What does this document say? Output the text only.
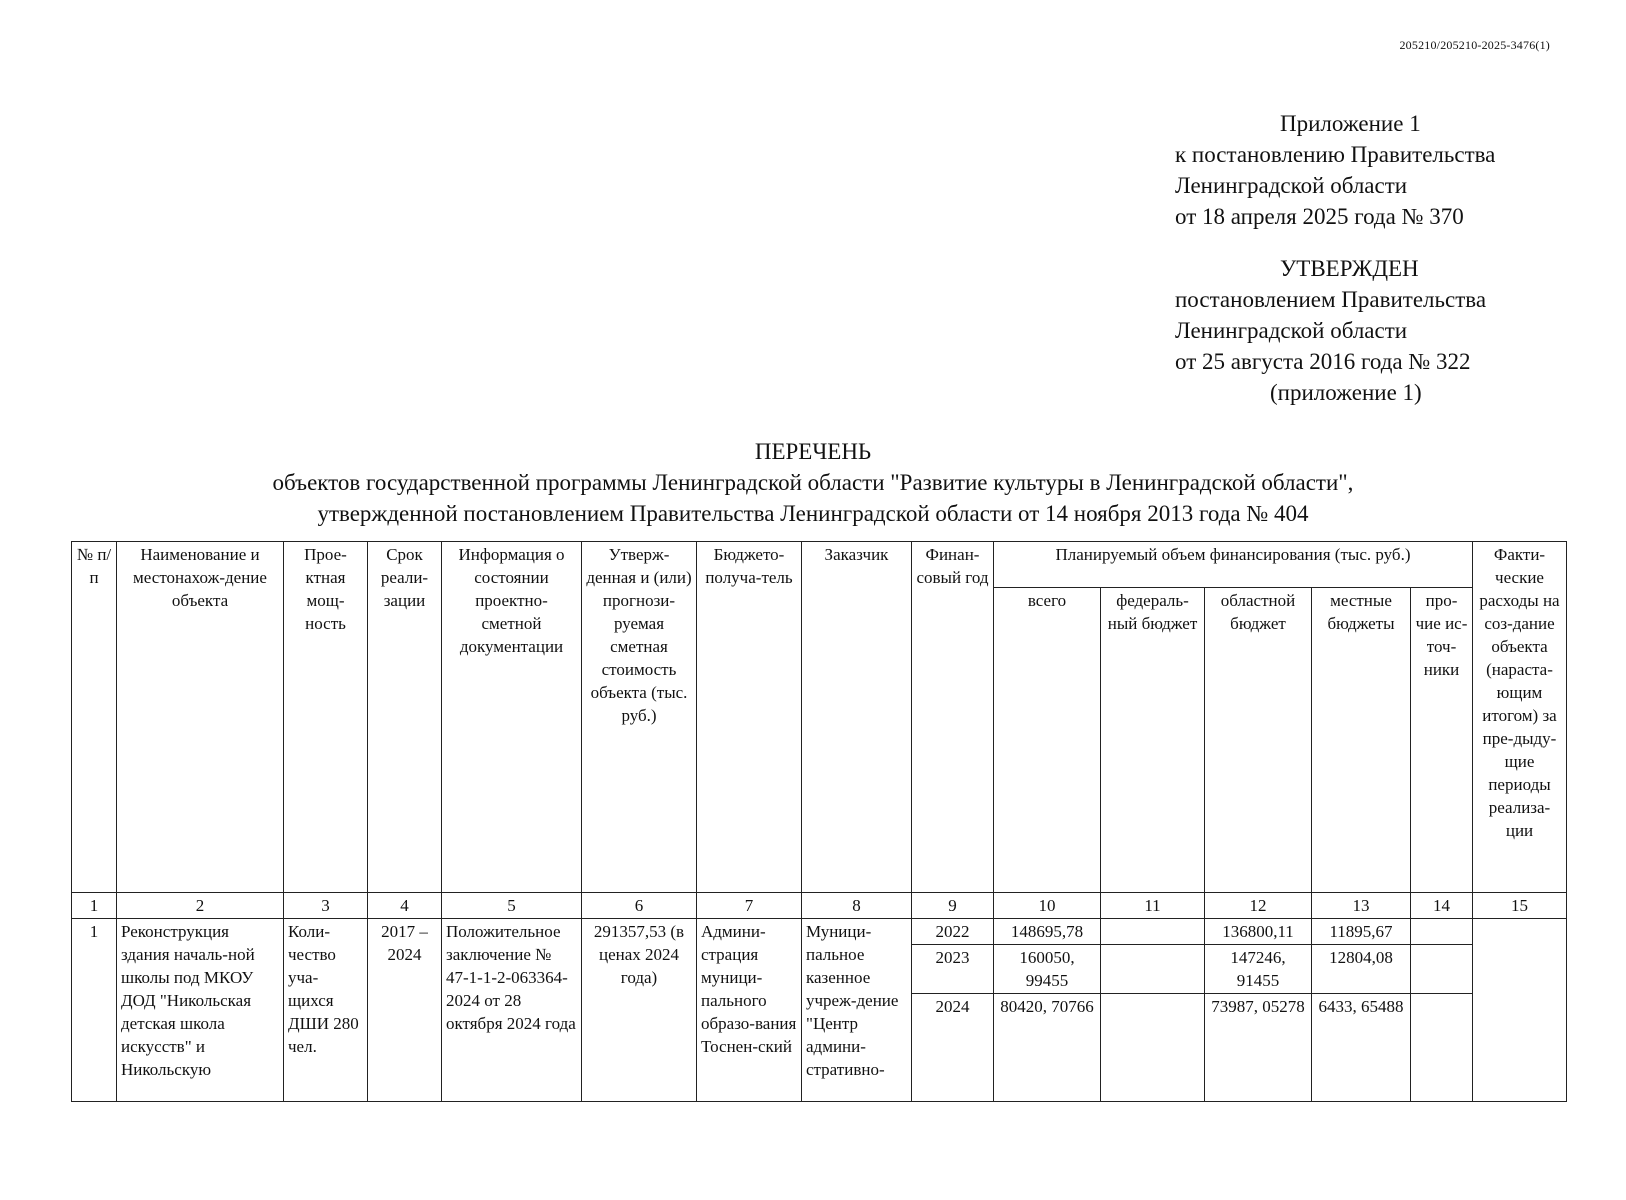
205210/205210-2025-3476(1)
Приложение 1
к постановлению Правительства
Ленинградской области
от 18 апреля 2025 года № 370
УТВЕРЖДЕН
постановлением Правительства
Ленинградской области
от 25 августа 2016 года № 322
(приложение 1)
ПЕРЕЧЕНЬ
объектов государственной программы Ленинградской области "Развитие культуры в Ленинградской области",
утвержденной постановлением Правительства Ленинградской области от 14 ноября 2013 года № 404
№ п/п	Наименование и местонахож-дение объекта	Прое-ктная мощ-ность	Срок реали-зации	Информация о состоянии проектно-сметной документации	Утверж-денная и (или) прогнози-руемая сметная стоимость объекта (тыс. руб.)	Бюджето-получа-тель	Заказчик	Финан-совый год	Планируемый объем финансирования (тыс. руб.)					Факти-ческие расходы на соз-дание объекта (нараста-ющим итогом) за пре-дыду-щие периоды реализа-ции
									всего	федераль-ный бюджет	областной бюджет	местные бюджеты	про-чие ис-точ-ники	
1	2	3	4	5	6	7	8	9	10	11	12	13	14	15
1	Реконструкция здания началь-ной школы под МКОУ ДОД "Никольская детская школа искусств" и Никольскую	Коли-чество уча-щихся ДШИ 280 чел.	2017 – 2024	Положительное заключение № 47-1-1-2-063364-2024 от 28 октября 2024 года	291357,53 (в ценах 2024 года)	Админи-страция муници-пального образо-вания Тоснен-ский	Муници-пальное казенное учреж-дение "Центр админи-стративно-	2022	148695,78		136800,11	11895,67		
								2023	160050, 99455		147246, 91455	12804,08		
								2024	80420, 70766		73987, 05278	6433, 65488		
